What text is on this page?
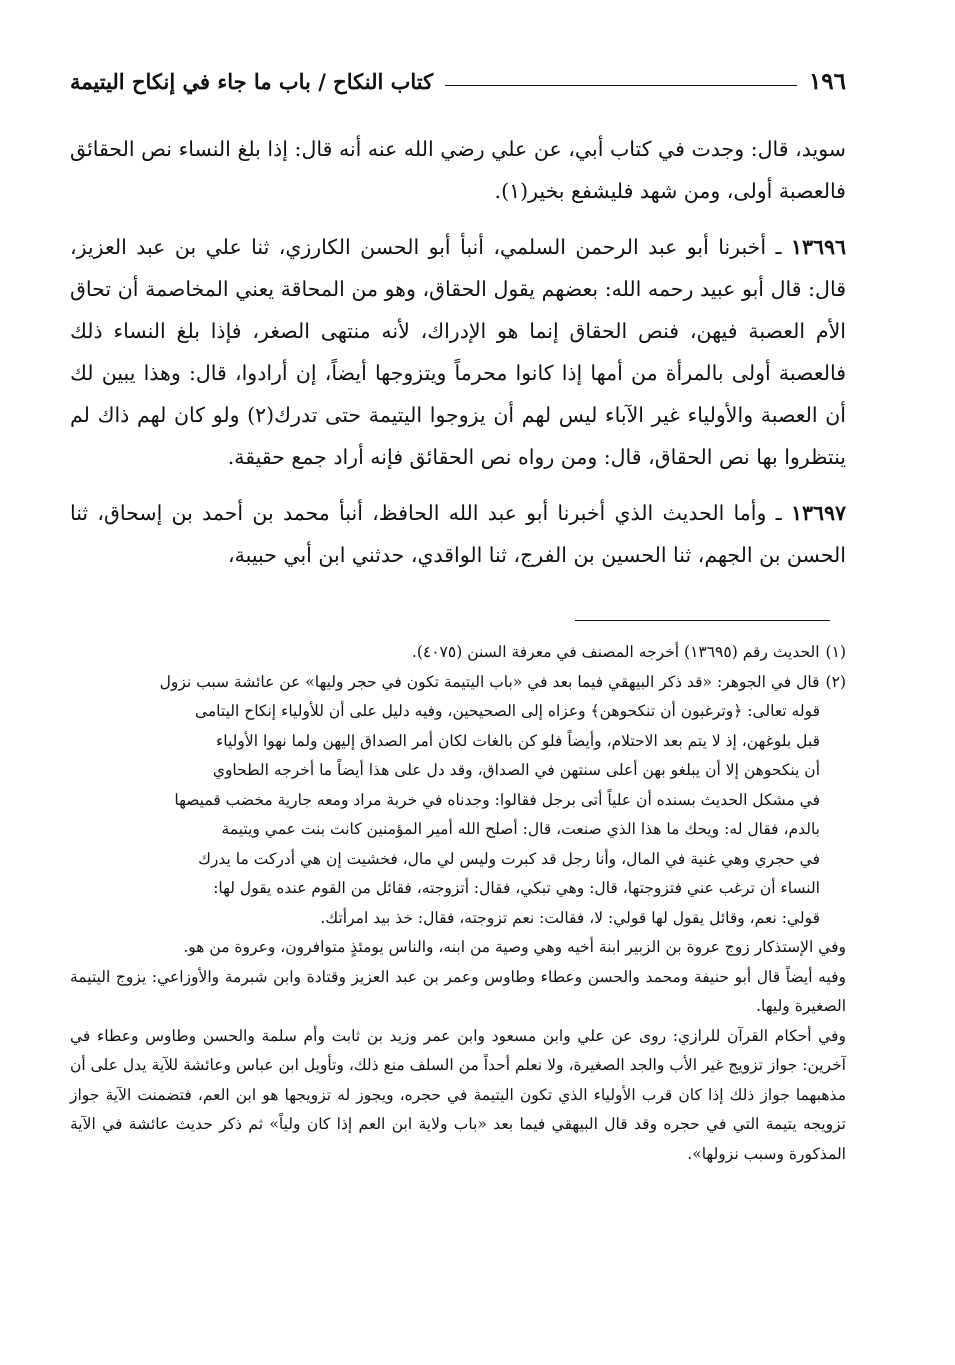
١٩٦
كتاب النكاح / باب ما جاء في إنكاح اليتيمة

سويد، قال: وجدت في كتاب أبي، عن علي رضي الله عنه أنه قال: إذا بلغ النساء نص الحقائق فالعصبة أولى، ومن شهد فليشفع بخير(١).

١٣٦٩٦ ـ أخبرنا أبو عبد الرحمن السلمي، أنبأ أبو الحسن الكارزي، ثنا علي بن عبد العزيز، قال: قال أبو عبيد رحمه الله: بعضهم يقول الحقاق، وهو من المحاقة يعني المخاصمة أن تحاق الأم العصبة فيهن، فنص الحقاق إنما هو الإدراك، لأنه منتهى الصغر، فإذا بلغ النساء ذلك فالعصبة أولى بالمرأة من أمها إذا كانوا محرماً ويتزوجها أيضاً، إن أرادوا، قال: وهذا يبين لك أن العصبة والأولياء غير الآباء ليس لهم أن يزوجوا اليتيمة حتى تدرك(٢) ولو كان لهم ذاك لم ينتظروا بها نص الحقاق، قال: ومن رواه نص الحقائق فإنه أراد جمع حقيقة.

١٣٦٩٧ ـ وأما الحديث الذي أخبرنا أبو عبد الله الحافظ، أنبأ محمد بن أحمد بن إسحاق، ثنا الحسن بن الجهم، ثنا الحسين بن الفرج، ثنا الواقدي، حدثني ابن أبي حبيبة،

(١)
الحديث رقم (١٣٦٩٥) أخرجه المصنف في معرفة السنن (٤٠٧٥).
(٢)
قال في الجوهر: «قد ذكر البيهقي فيما بعد في «باب اليتيمة تكون في حجر وليها» عن عائشة سبب نزول

قوله تعالى: ﴿وترغبون أن تنكحوهن﴾ وعزاه إلى الصحيحين، وفيه دليل على أن للأولياء إنكاح اليتامى

قبل بلوغهن، إذ لا يتم بعد الاحتلام، وأيضاً فلو كن بالغات لكان أمر الصداق إليهن ولما نهوا الأولياء

أن ينكحوهن إلا أن يبلغو بهن أعلى سنتهن في الصداق، وقد دل على هذا أيضاً ما أخرجه الطحاوي

في مشكل الحديث بسنده أن علياً أتى برجل فقالوا: وجدناه في خربة مراد ومعه جارية مخضب قميصها

بالدم، فقال له: ويحك ما هذا الذي صنعت، قال: أصلح الله أمير المؤمنين كانت بنت عمي ويتيمة

في حجري وهي غنية في المال، وأنا رجل قد كبرت وليس لي مال، فخشيت إن هي أدركت ما يدرك

النساء أن ترغب عني فتزوجتها، قال: وهي تبكي، فقال: أتزوجته، فقائل من القوم عنده يقول لها:

قولي: نعم، وقائل يقول لها قولي: لا، فقالت: نعم تزوجته، فقال: خذ بيد امرأتك.

وفي الإستذكار زوج عروة بن الزبير ابنة أخيه وهي وصية من ابنه، والناس يومئذٍ متوافرون، وعروة من هو.

وفيه أيضاً قال أبو حنيفة ومحمد والحسن وعطاء وطاوس وعمر بن عبد العزيز وقتادة وابن شبرمة والأوزاعي: يزوج اليتيمة الصغيرة وليها.

وفي أحكام القرآن للرازي: روى عن علي وابن مسعود وابن عمر وزيد بن ثابت وأم سلمة والحسن وطاوس وعطاء في آخرين: جواز تزويج غير الأب والجد الصغيرة، ولا نعلم أحداً من السلف منع ذلك، وتأويل ابن عباس وعائشة للآية يدل على أن مذهبهما جواز ذلك إذا كان قرب الأولياء الذي تكون اليتيمة في حجره، ويجوز له تزويجها هو ابن العم، فتضمنت الآية جواز تزويجه يتيمة التي في حجره وقد قال البيهقي فيما بعد «باب ولاية ابن العم إذا كان ولياً» ثم ذكر حديث عائشة في الآية المذكورة وسبب نزولها».
